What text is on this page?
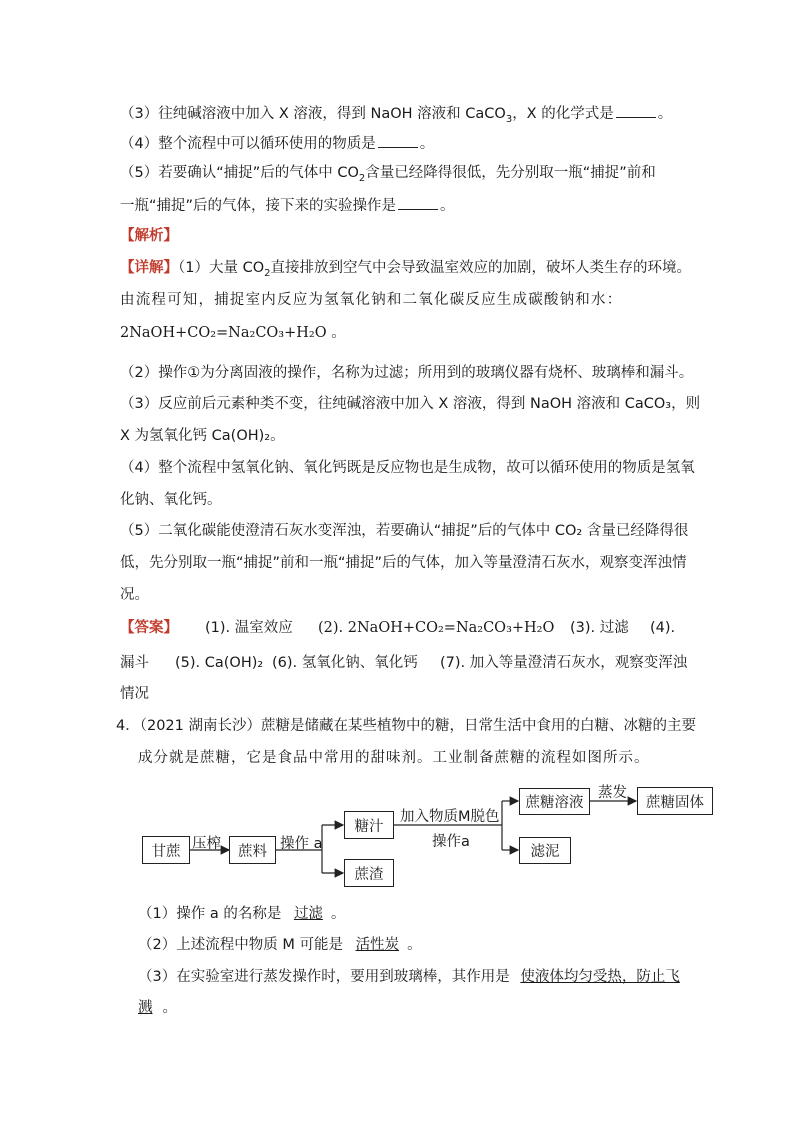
（3）往纯碱溶液中加入 X 溶液，得到 NaOH 溶液和 CaCO$_3$，X 的化学式是	。
（4）整个流程中可以循环使用的物质是	。
（5）若要确认“捕捉”后的气体中 $CO_2$含量已经降得很低，先分别取一瓶“捕捉”前和
一瓶“捕捉”后的气体，接下来的实验操作是	。
【解析】
【详解】（1）大量 $CO_2$直接排放到空气中会导致温室效应的加剧，破坏人类生存的环境。
由流程可知，捕捉室内反应为氢氧化钠和二氧化碳反应生成碳酸钠和水：
2NaOH+CO₂=Na₂CO₃+H₂O 。
（2）操作①为分离固液的操作，名称为过滤；所用到的玻璃仪器有烧杯、玻璃棒和漏斗。
（3）反应前后元素种类不变，往纯碱溶液中加入 X 溶液，得到 NaOH 溶液和 CaCO₃，则
X 为氢氧化钙 Ca(OH)₂。
（4）整个流程中氢氧化钠、氧化钙既是反应物也是生成物，故可以循环使用的物质是氢氧
化钠、氧化钙。
（5）二氧化碳能使澄清石灰水变浑浊，若要确认“捕捉”后的气体中 CO₂ 含量已经降得很
低，先分别取一瓶“捕捉”前和一瓶“捕捉”后的气体，加入等量澄清石灰水，观察变浑浊情
况。
【答案】 (1). 温室效应 (2). 2NaOH+CO₂=Na₂CO₃+H₂O (3). 过滤 (4).
漏斗 (5). Ca(OH)₂ (6). 氢氧化钠、氧化钙 (7). 加入等量澄清石灰水，观察变浑浊
情况
4．（2021 湖南长沙）蔗糖是储藏在某些植物中的糖，日常生活中食用的白糖、冰糖的主要
成分就是蔗糖，它是食品中常用的甜味剂。工业制备蔗糖的流程如图所示。
甘蔗 压榨	蔗料 操作 a
糖汁
蔗渣
加入物质M脱色
操作a
蔗糖溶液
蒸发
蔗糖固体
滤泥
（1）操作 a 的名称是 过滤 。
（2）上述流程中物质 M 可能是 活性炭 。
（3）在实验室进行蒸发操作时，要用到玻璃棒，其作用是 使液体均匀受热，防止飞
溅 。
